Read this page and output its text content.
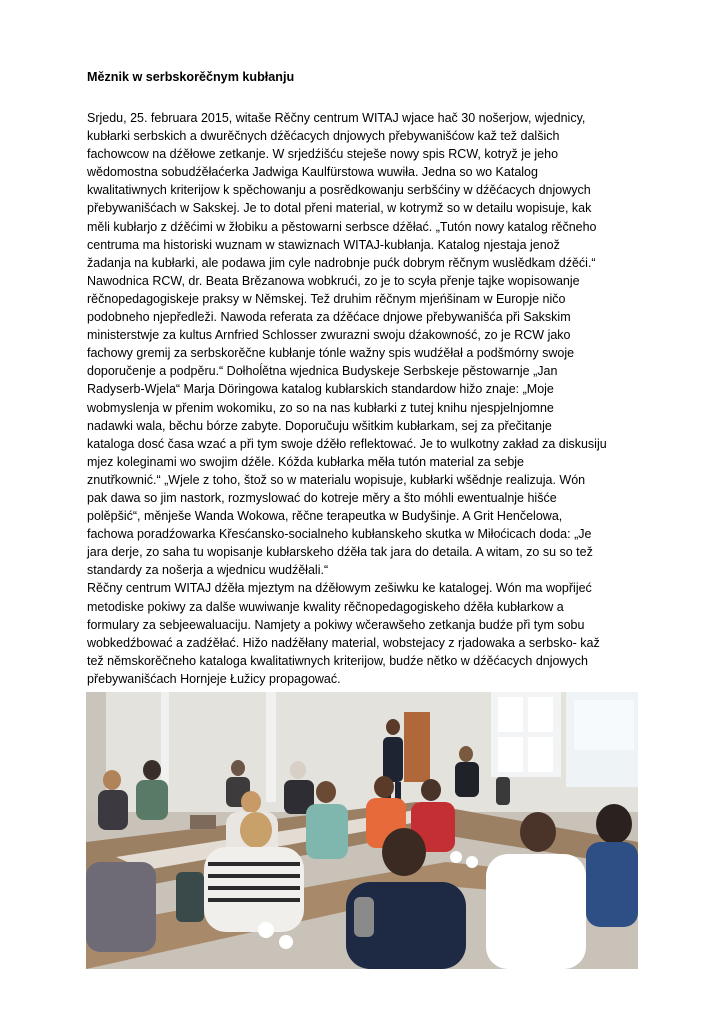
Měznik w serbskorěčnym kubłanju
Srjedu, 25. februara 2015, witaše Rěčny centrum WITAJ wjace hač 30 nošerjow, wjednicy,
kubłarki serbskich a dwurěčnych dźěćacych dnjowych přebywanišćow kaž tež dalšich
fachowcow na dźěłowe zetkanje. W srjedźišću steješe nowy spis RCW, kotryž je jeho
wědomostna sobudźěłaćerka Jadwiga Kaulfürstowa wuwiła. Jedna so wo Katalog
kwalitatiwnych kriterijow k spěchowanju a posrědkowanju serbšćiny w dźěćacych dnjowych
přebywanišćach w Sakskej. Je to dotal přeni material, w kotrymž so w detailu wopisuje, kak
měli kubłarjo z dźěćimi w žłobiku a pěstowarni serbsce dźěłać. „Tutón nowy katalog rěčneho
centruma ma historiski wuznam w stawiznach WITAJ-kubłanja. Katalog njestaja jenož
žadanja na kubłarki, ale podawa jim cyle nadrobnje pućk dobrym rěčnym wuslědkam dźěći.“
Nawodnica RCW, dr. Beata Brězanowa wobkrući, zo je to scyła přenje tajke wopisowanje
rěčnopedagogiskeje praksy w Němskej. Tež druhim rěčnym mjeńšinam w Europje ničo
podobneho njepředleži. Nawoda referata za dźěćace dnjowe přebywanišća při Sakskim
ministerstwje za kultus Arnfried Schlosser zwurazni swoju dźakowność, zo je RCW jako
fachowy gremij za serbskorěčne kubłanje tónle wažny spis wudźěłał a podšmórny swoje
doporučenje a podpěru.“ Dołhoĺětna wjednica Budyskeje Serbskeje pěstowarnje „Jan
Radyserb-Wjela“ Marja Döringowa katalog kubłarskich standardow hižo znaje: „Moje
wobmyslenja w přenim wokomiku, zo so na nas kubłarki z tutej knihu njespjelnjomne
nadawki wala, běchu bórze zabyte. Doporučuju wšitkim kubłarkam, sej za přečitanje
kataloga dosć časa wzać a při tym swoje dźěło reflektować. Je to wulkotny zakład za diskusiju
mjez koleginami wo swojim dźěle. Kóžda kubłarka měła tutón material za sebje
znutřkownić.“ „Wjele z toho, štož so w materialu wopisuje, kubłarki wšědnje realizuja. Wón
pak dawa so jim nastork, rozmyslować do kotreje měry a što móhli ewentualnje hišće
polěpšić“, měnješe Wanda Wokowa, rěčne terapeutka w Budyšinje. A Grit Henčelowa,
fachowa poradźowarka Křesćansko-socialneho kubłanskeho skutka w Miłoćicach doda: „Je
jara derje, zo saha tu wopisanje kubłarskeho dźěła tak jara do detaila. A witam, zo su so tež
standardy za nošerja a wjednicu wudźěłali.“
Rěčny centrum WITAJ dźěła mjeztym na dźěłowym zešiwku ke katalogej. Wón ma wopřijeć
metodiske pokiwy za dalše wuwiwanje kwality rěčnopedagogiskeho dźěła kubłarkow a
formulary za sebjeewaluaciju. Namjety a pokiwy wčerawšeho zetkanja budźe při tym sobu
wobkedźbować a zadźěłać. Hižo nadźěłany material, wobstejacy z rjadowaka a serbsko- kaž
tež němskorěčneho kataloga kwalitatiwnych kriterijow, budźe nětko w dźěćacych dnjowych
přebywanišćach Hornjeje Łužicy propagować.
